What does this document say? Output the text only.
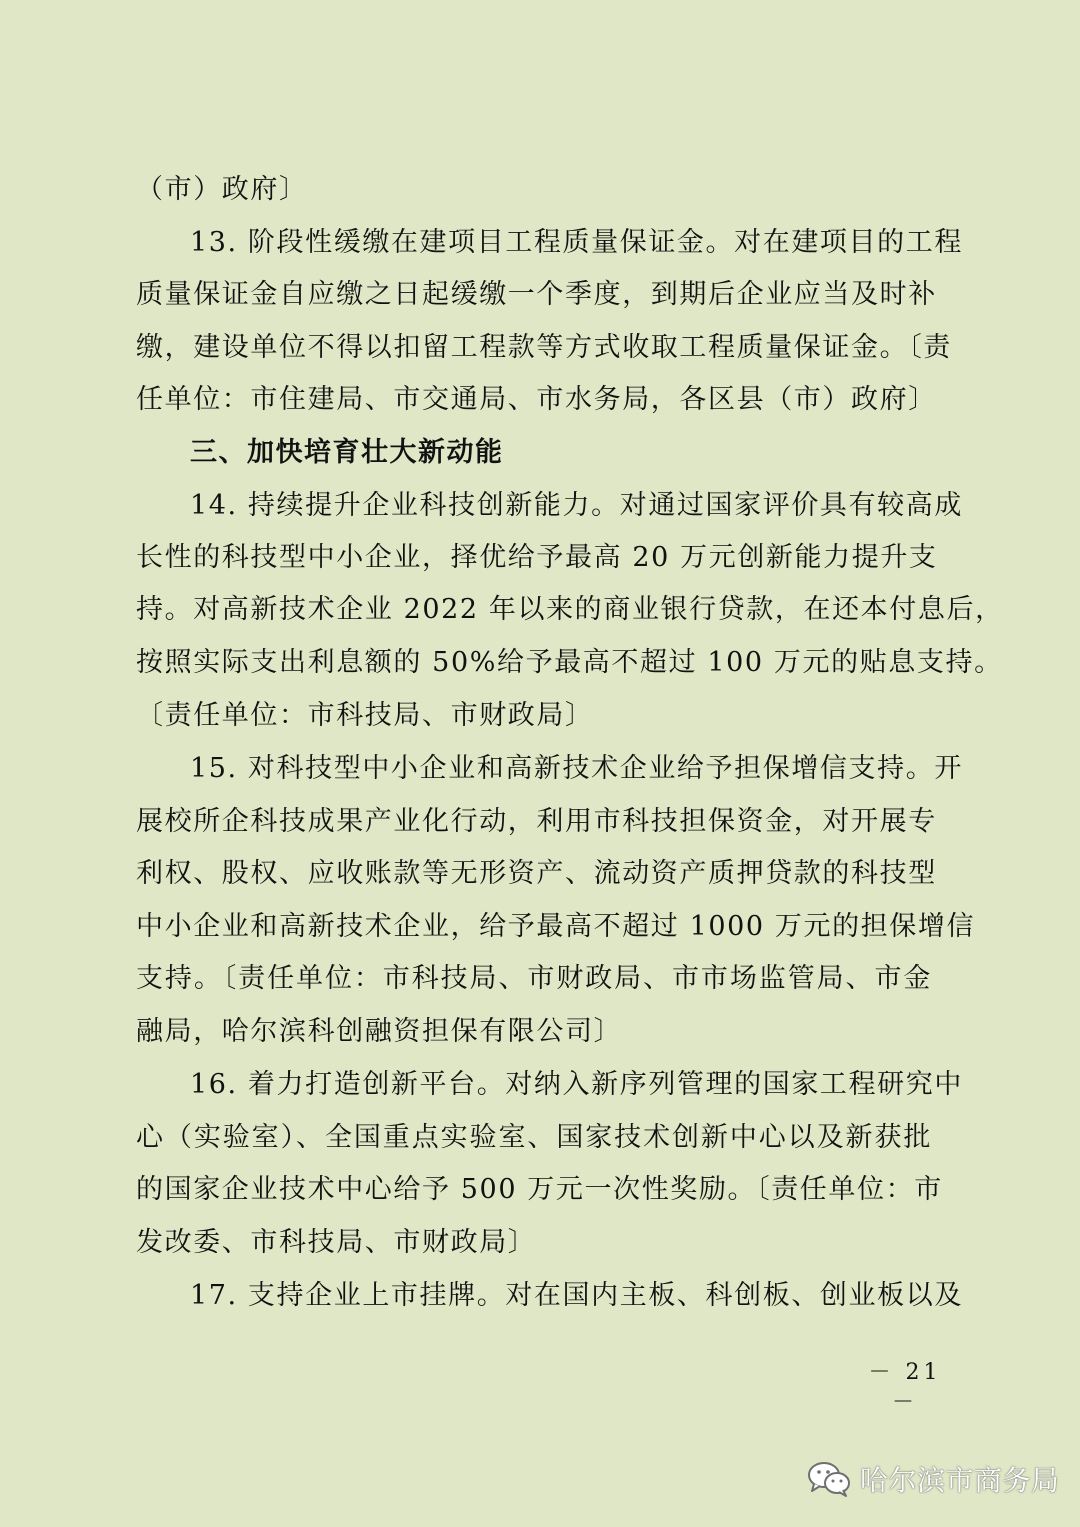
（市）政府〕
13. 阶段性缓缴在建项目工程质量保证金。对在建项目的工程
质量保证金自应缴之日起缓缴一个季度，到期后企业应当及时补
缴，建设单位不得以扣留工程款等方式收取工程质量保证金。〔责
任单位：市住建局、市交通局、市水务局，各区县（市）政府〕
三、加快培育壮大新动能
14. 持续提升企业科技创新能力。对通过国家评价具有较高成
长性的科技型中小企业，择优给予最高 20 万元创新能力提升支
持。对高新技术企业 2022 年以来的商业银行贷款，在还本付息后，
按照实际支出利息额的 50%给予最高不超过 100 万元的贴息支持。
〔责任单位：市科技局、市财政局〕
15. 对科技型中小企业和高新技术企业给予担保增信支持。开
展校所企科技成果产业化行动，利用市科技担保资金，对开展专
利权、股权、应收账款等无形资产、流动资产质押贷款的科技型
中小企业和高新技术企业，给予最高不超过 1000 万元的担保增信
支持。〔责任单位：市科技局、市财政局、市市场监管局、市金
融局，哈尔滨科创融资担保有限公司〕
16. 着力打造创新平台。对纳入新序列管理的国家工程研究中
心（实验室）、全国重点实验室、国家技术创新中心以及新获批
的国家企业技术中心给予 500 万元一次性奖励。〔责任单位：市
发改委、市科技局、市财政局〕
17. 支持企业上市挂牌。对在国内主板、科创板、创业板以及
－ 21 －
哈尔滨市商务局
